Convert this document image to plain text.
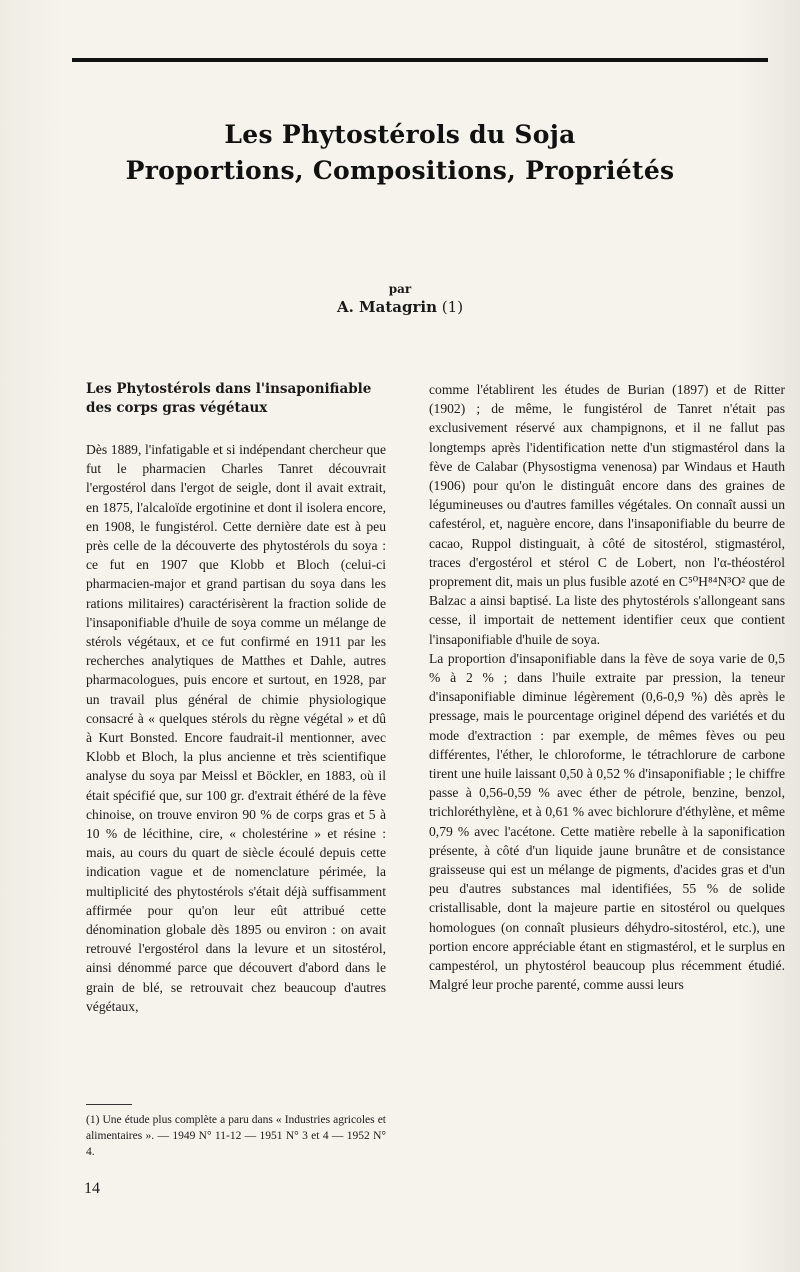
Les Phytostérols du Soja
Proportions, Compositions, Propriétés
par
A. Matagrin (1)
Les Phytostérols dans l'insaponifiable des corps gras végétaux

Dès 1889, l'infatigable et si indépendant chercheur que fut le pharmacien Charles Tanret découvrait l'ergostérol dans l'ergot de seigle, dont il avait extrait, en 1875, l'alcaloïde ergotinine et dont il isolera encore, en 1908, le fungistérol. Cette dernière date est à peu près celle de la découverte des phytostérols du soya : ce fut en 1907 que Klobb et Bloch (celui-ci pharmacien-major et grand partisan du soya dans les rations militaires) caractérisèrent la fraction solide de l'insaponifiable d'huile de soya comme un mélange de stérols végétaux, et ce fut confirmé en 1911 par les recherches analytiques de Matthes et Dahle, autres pharmacologues, puis encore et surtout, en 1928, par un travail plus général de chimie physiologique consacré à « quelques stérols du règne végétal » et dû à Kurt Bonsted. Encore faudrait-il mentionner, avec Klobb et Bloch, la plus ancienne et très scientifique analyse du soya par Meissl et Böckler, en 1883, où il était spécifié que, sur 100 gr. d'extrait éthéré de la fève chinoise, on trouve environ 90 % de corps gras et 5 à 10 % de lécithine, cire, « cholestérine » et résine : mais, au cours du quart de siècle écoulé depuis cette indication vague et de nomenclature périmée, la multiplicité des phytostérols s'était déjà suffisamment affirmée pour qu'on leur eût attribué cette dénomination globale dès 1895 ou environ : on avait retrouvé l'ergostérol dans la levure et un sitostérol, ainsi dénommé parce que découvert d'abord dans le grain de blé, se retrouvait chez beaucoup d'autres végétaux,

comme l'établirent les études de Burian (1897) et de Ritter (1902) ; de même, le fungistérol de Tanret n'était pas exclusivement réservé aux champignons, et il ne fallut pas longtemps après l'identification nette d'un stigmastérol dans la fève de Calabar (Physostigma venenosa) par Windaus et Hauth (1906) pour qu'on le distinguât encore dans des graines de légumineuses ou d'autres familles végétales. On connaît aussi un cafestérol, et, naguère encore, dans l'insaponifiable du beurre de cacao, Ruppol distinguait, à côté de sitostérol, stigmastérol, traces d'ergostérol et stérol C de Lobert, non l'α-théostérol proprement dit, mais un plus fusible azoté en C⁵⁰H⁸⁴N³O² que de Balzac a ainsi baptisé. La liste des phytostérols s'allongeant sans cesse, il importait de nettement identifier ceux que contient l'insaponifiable d'huile de soya.

La proportion d'insaponifiable dans la fève de soya varie de 0,5 % à 2 % ; dans l'huile extraite par pression, la teneur d'insaponifiable diminue légèrement (0,6-0,9 %) dès après le pressage, mais le pourcentage originel dépend des variétés et du mode d'extraction : par exemple, de mêmes fèves ou peu différentes, l'éther, le chloroforme, le tétrachlorure de carbone tirent une huile laissant 0,50 à 0,52 % d'insaponifiable ; le chiffre passe à 0,56-0,59 % avec éther de pétrole, benzine, benzol, trichloréthylène, et à 0,61 % avec bichlorure d'éthylène, et même 0,79 % avec l'acétone. Cette matière rebelle à la saponification présente, à côté d'un liquide jaune brunâtre et de consistance graisseuse qui est un mélange de pigments, d'acides gras et d'un peu d'autres substances mal identifiées, 55 % de solide cristallisable, dont la majeure partie en sitostérol ou quelques homologues (on connaît plusieurs déhydro-sitostérol, etc.), une portion encore appréciable étant en stigmastérol, et le surplus en campestérol, un phytostérol beaucoup plus récemment étudié. Malgré leur proche parenté, comme aussi leurs

(1) Une étude plus complète a paru dans « Industries agricoles et alimentaires ». — 1949 N° 11-12 — 1951 N° 3 et 4 — 1952 N° 4.
14
